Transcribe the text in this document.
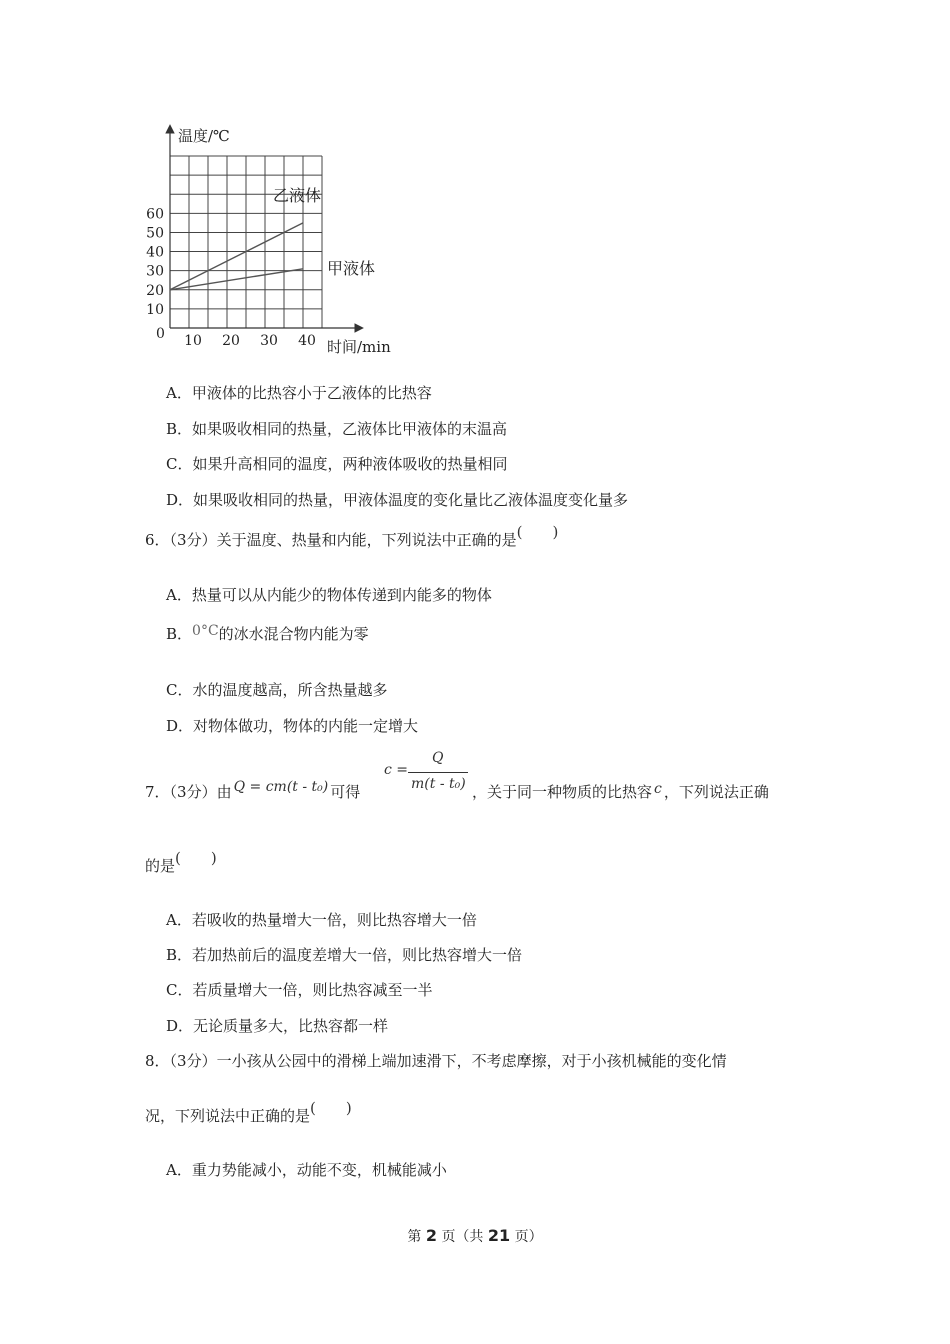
10
20
30
40
50
60
10 20 30 40
乙液体
甲液体
温度/℃
时间/min
0
A．甲液体的比热容小于乙液体的比热容
B．如果吸收相同的热量，乙液体比甲液体的末温高
C．如果升高相同的温度，两种液体吸收的热量相同
D．如果吸收相同的热量，甲液体温度的变化量比乙液体温度变化量多
6．（3分）关于温度、热量和内能，下列说法中正确的是(　　)
A．热量可以从内能少的物体传递到内能多的物体
B．0°C的冰水混合物内能为零
C．水的温度越高，所含热量越多
D．对物体做功，物体的内能一定增大
7．（3分）由 Q = cm(t - t₀) 可得
c =
Q
m(t - t₀) ，关于同一种物质的比热容 c ，下列说法正确
的是(　　)
A．若吸收的热量增大一倍，则比热容增大一倍
B．若加热前后的温度差增大一倍，则比热容增大一倍
C．若质量增大一倍，则比热容减至一半
D．无论质量多大，比热容都一样
8．（3分）一小孩从公园中的滑梯上端加速滑下，不考虑摩擦，对于小孩机械能的变化情
况，下列说法中正确的是(　　)
A．重力势能减小，动能不变，机械能减小
第 2 页（共 21 页）
